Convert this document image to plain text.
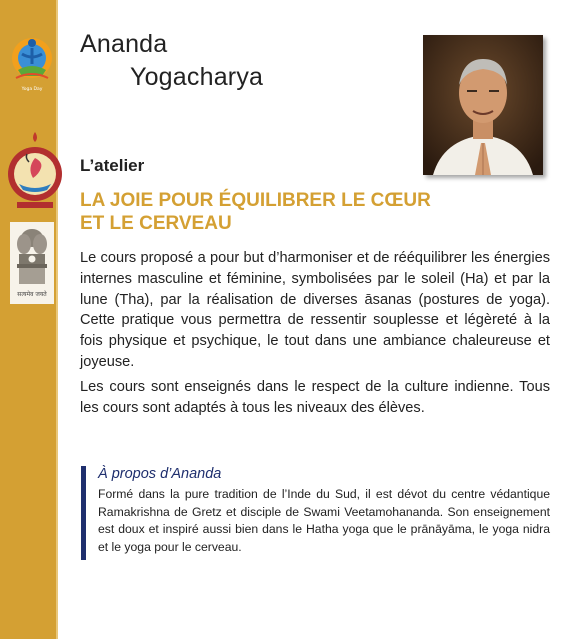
Yoga Day
सत्यमेव जयते
Ananda
Yogacharya
L’atelier
LA JOIE POUR ÉQUILIBRER LE CŒUR
ET LE CERVEAU

Le cours proposé a pour but d’harmoniser et de rééquilibrer les énergies internes masculine et féminine, symbolisées par le soleil (Ha) et par la lune (Tha), par la réalisation de diverses āsanas (postures de yoga). Cette pratique vous permettra de ressentir souplesse et légèreté à la fois physique et psychique, le tout dans une ambiance chaleureuse et joyeuse.

Les cours sont enseignés dans le respect de la culture indienne. Tous les cours sont adaptés à tous les niveaux des élèves.

À propos d’Ananda

Formé dans la pure tradition de l’Inde du Sud, il est dévot du centre védantique Ramakrishna de Gretz et disciple de Swami Veetamohananda. Son enseignement est doux et inspiré aussi bien dans le Hatha yoga que le prānāyāma, le yoga nidra et le yoga pour le cerveau.
